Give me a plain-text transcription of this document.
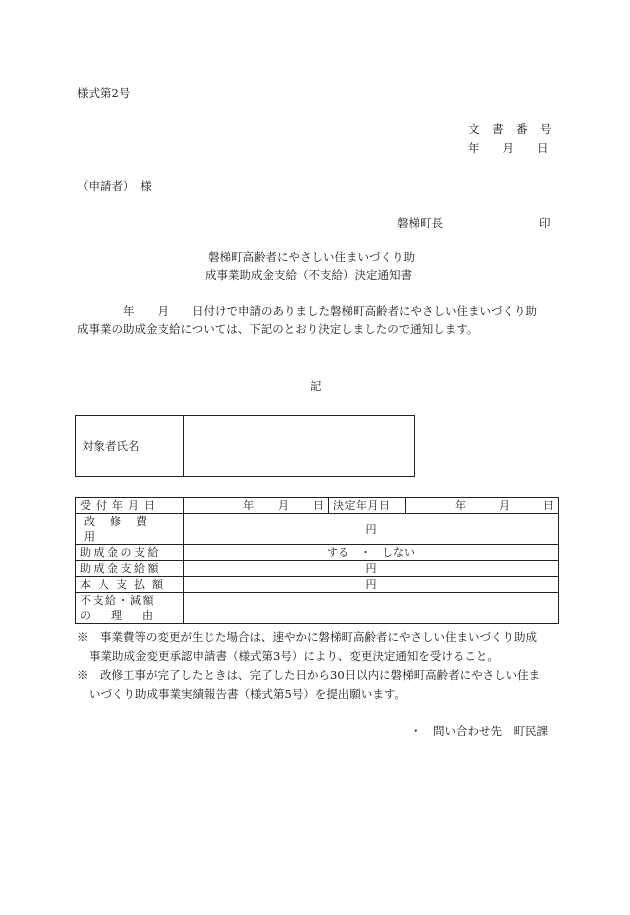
様式第2号
文　書　番　号
年　　月　　日
（申請者）　様
磐梯町長	印
磐梯町高齢者にやさしい住まいづくり助
成事業助成金支給（不支給）決定通知書
年　　月　　日付けで申請のありました磐梯町高齢者にやさしい住まいづくり助
成事業の助成金支給については、下記のとおり決定しましたので通知します。
記
対象者氏名

受付年月日	年 月 日	決定年月日	年 月 日

改修費用	円		
助成金の支給	する　・　しない		
助成金支給額	円		
本人支払額	円		

不支給・減額
の理由			

※　事業費等の変更が生じた場合は、速やかに磐梯町高齢者にやさしい住まいづくり助成
事業助成金変更承認申請書（様式第3号）により、変更決定通知を受けること。
※　改修工事が完了したときは、完了した日から30日以内に磐梯町高齢者にやさしい住ま
いづくり助成事業実績報告書（様式第5号）を提出願います。
・　問い合わせ先　町民課
